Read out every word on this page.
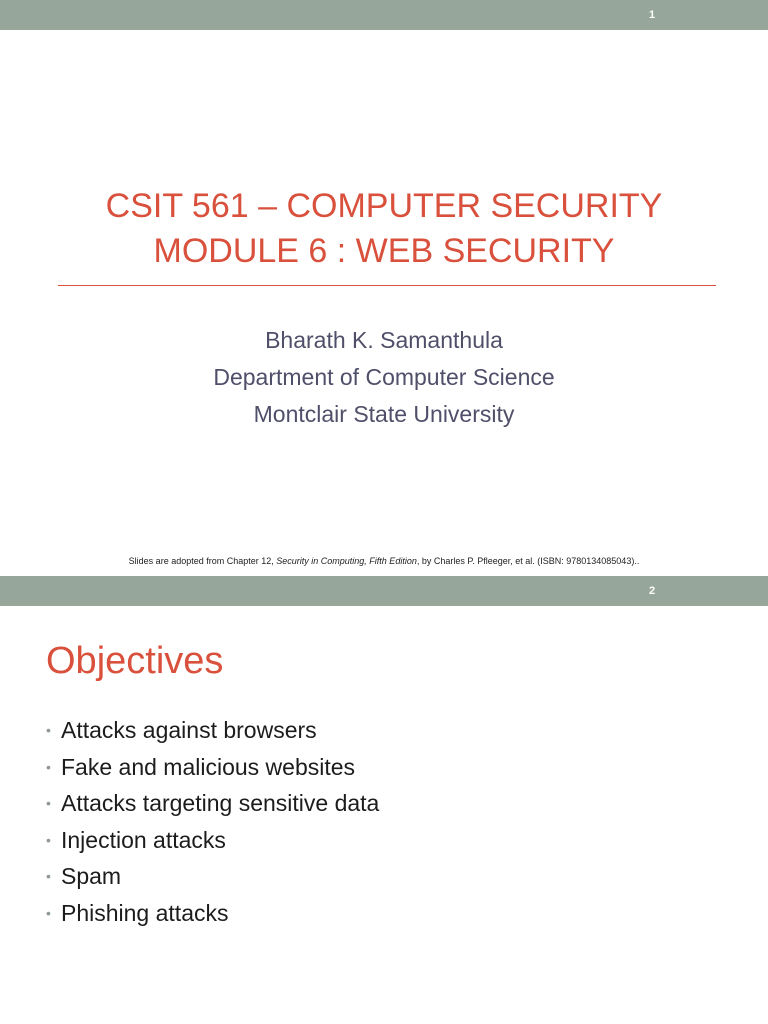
1
CSIT 561 – COMPUTER SECURITY
MODULE 6 : WEB SECURITY
Bharath K. Samanthula
Department of Computer Science
Montclair State University
Slides are adopted from Chapter 12, Security in Computing, Fifth Edition, by Charles P. Pfleeger, et al. (ISBN: 9780134085043)..
2
Objectives
• Attacks against browsers
• Fake and malicious websites
• Attacks targeting sensitive data
• Injection attacks
• Spam
• Phishing attacks
